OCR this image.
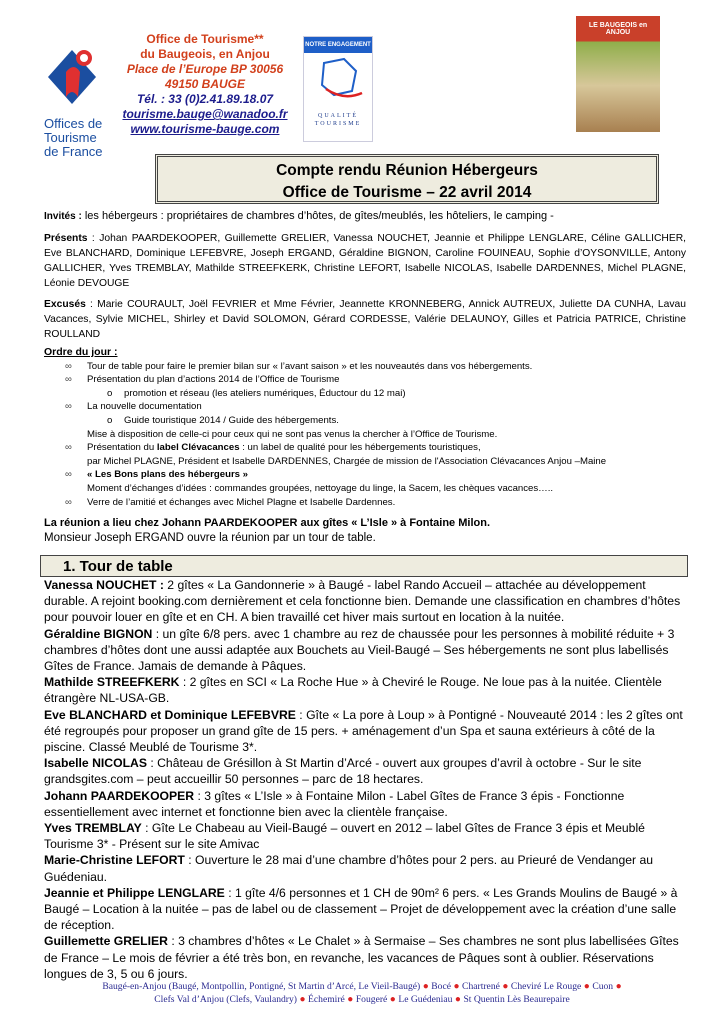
Offices de Tourisme de France
Office de Tourisme**
du Baugeois, en Anjou
Place de l’Europe BP 30056
49150 BAUGE
Tél. : 33 (0)2.41.89.18.07
tourisme.bauge@wanadoo.fr
www.tourisme-bauge.com
NOTRE ENGAGEMENT
QUALITÉ TOURISME
LE BAUGEOIS en ANJOU
Compte rendu Réunion Hébergeurs
Office de Tourisme – 22 avril 2014
Invités : les hébergeurs : propriétaires de chambres d’hôtes, de gîtes/meublés, les hôteliers, le camping -
Présents : Johan PAARDEKOOPER, Guillemette GRELIER, Vanessa NOUCHET, Jeannie et Philippe LENGLARE, Céline GALLICHER, Eve BLANCHARD, Dominique LEFEBVRE, Joseph ERGAND, Géraldine BIGNON, Caroline FOUINEAU, Sophie d’OYSONVILLE, Antony GALLICHER, Yves TREMBLAY, Mathilde STREEFKERK, Christine LEFORT, Isabelle NICOLAS, Isabelle DARDENNES, Michel PLAGNE, Léonie DEVOUGE
Excusés : Marie COURAULT, Joël FEVRIER et Mme Février, Jeannette KRONNEBERG, Annick AUTREUX, Juliette DA CUNHA, Lavau Vacances, Sylvie MICHEL, Shirley et David SOLOMON, Gérard CORDESSE, Valérie DELAUNOY, Gilles et Patricia PATRICE, Christine ROULLAND
Ordre du jour :
∞ Tour de table pour faire le premier bilan sur « l’avant saison » et les nouveautés dans vos hébergements.
∞ Présentation du plan d’actions 2014 de l’Office de Tourisme
o promotion et réseau (les ateliers numériques, Éductour du 12 mai)
∞ La nouvelle documentation
o Guide touristique 2014 / Guide des hébergements.
Mise à disposition de celle-ci pour ceux qui ne sont pas venus la chercher à l’Office de Tourisme.
∞ Présentation du label Clévacances : un label de qualité pour les hébergements touristiques,
par Michel PLAGNE, Président et Isabelle DARDENNES, Chargée de mission de l'Association Clévacances Anjou –Maine
∞ « Les Bons plans des hébergeurs »
Moment d’échanges d’idées : commandes groupées, nettoyage du linge, la Sacem, les chèques vacances…..
∞ Verre de l’amitié et échanges avec Michel Plagne et Isabelle Dardennes.
La réunion a lieu chez Johann PAARDEKOOPER aux gîtes « L’Isle » à Fontaine Milon.
Monsieur Joseph ERGAND ouvre la réunion par un tour de table.
1. Tour de table
Vanessa NOUCHET : 2 gîtes « La Gandonnerie » à Baugé - label Rando Accueil – attachée au développement durable. A rejoint booking.com dernièrement et cela fonctionne bien. Demande une classification en chambres d’hôtes pour pouvoir louer en gîte et en CH. A bien travaillé cet hiver mais surtout en location à la nuitée.
Géraldine BIGNON : un gîte 6/8 pers. avec 1 chambre au rez de chaussée pour les personnes à mobilité réduite + 3 chambres d’hôtes dont une aussi adaptée aux Bouchets au Vieil-Baugé – Ses hébergements ne sont plus labellisés Gîtes de France. Jamais de demande à Pâques.
Mathilde STREEFKERK : 2 gîtes en SCI « La Roche Hue » à Cheviré le Rouge. Ne loue pas à la nuitée. Clientèle étrangère NL-USA-GB.
Eve BLANCHARD et Dominique LEFEBVRE : Gîte « La pore à Loup » à Pontigné - Nouveauté 2014 : les 2 gîtes ont été regroupés pour proposer un grand gîte de 15 pers. + aménagement d’un Spa et sauna extérieurs à côté de la piscine. Classé Meublé de Tourisme 3*.
Isabelle NICOLAS : Château de Grésillon à St Martin d’Arcé - ouvert aux groupes d’avril à octobre - Sur le site grandsgites.com – peut accueillir 50 personnes – parc de 18 hectares.
Johann PAARDEKOOPER : 3 gîtes « L’Isle » à Fontaine Milon - Label Gîtes de France 3 épis - Fonctionne essentiellement avec internet et fonctionne bien avec la clientèle française.
Yves TREMBLAY : Gîte Le Chabeau au Vieil-Baugé – ouvert en 2012 – label Gîtes de France 3 épis et Meublé Tourisme 3* - Présent sur le site Amivac
Marie-Christine LEFORT : Ouverture le 28 mai d’une chambre d’hôtes pour 2 pers. au Prieuré de Vendanger au Guédeniau.
Jeannie et Philippe LENGLARE : 1 gîte 4/6 personnes et 1 CH de 90m² 6 pers. « Les Grands Moulins de Baugé » à Baugé – Location à la nuitée – pas de label ou de classement – Projet de développement avec la création d’une salle de réception.
Guillemette GRELIER : 3 chambres d’hôtes « Le Chalet » à Sermaise – Ses chambres ne sont plus labellisées Gîtes de France – Le mois de février a été très bon, en revanche, les vacances de Pâques sont à oublier. Réservations longues de 3, 5 ou 6 jours.
Baugé-en-Anjou (Baugé, Montpollin, Pontigné, St Martin d’Arcé, Le Vieil-Baugé) ● Bocé ● Chartrené ● Cheviré Le Rouge ● Cuon ●
Clefs Val d’Anjou (Clefs, Vaulandry) ● Échemiré ● Fougeré ● Le Guédeniau ● St Quentin Lès Beaurepaire
